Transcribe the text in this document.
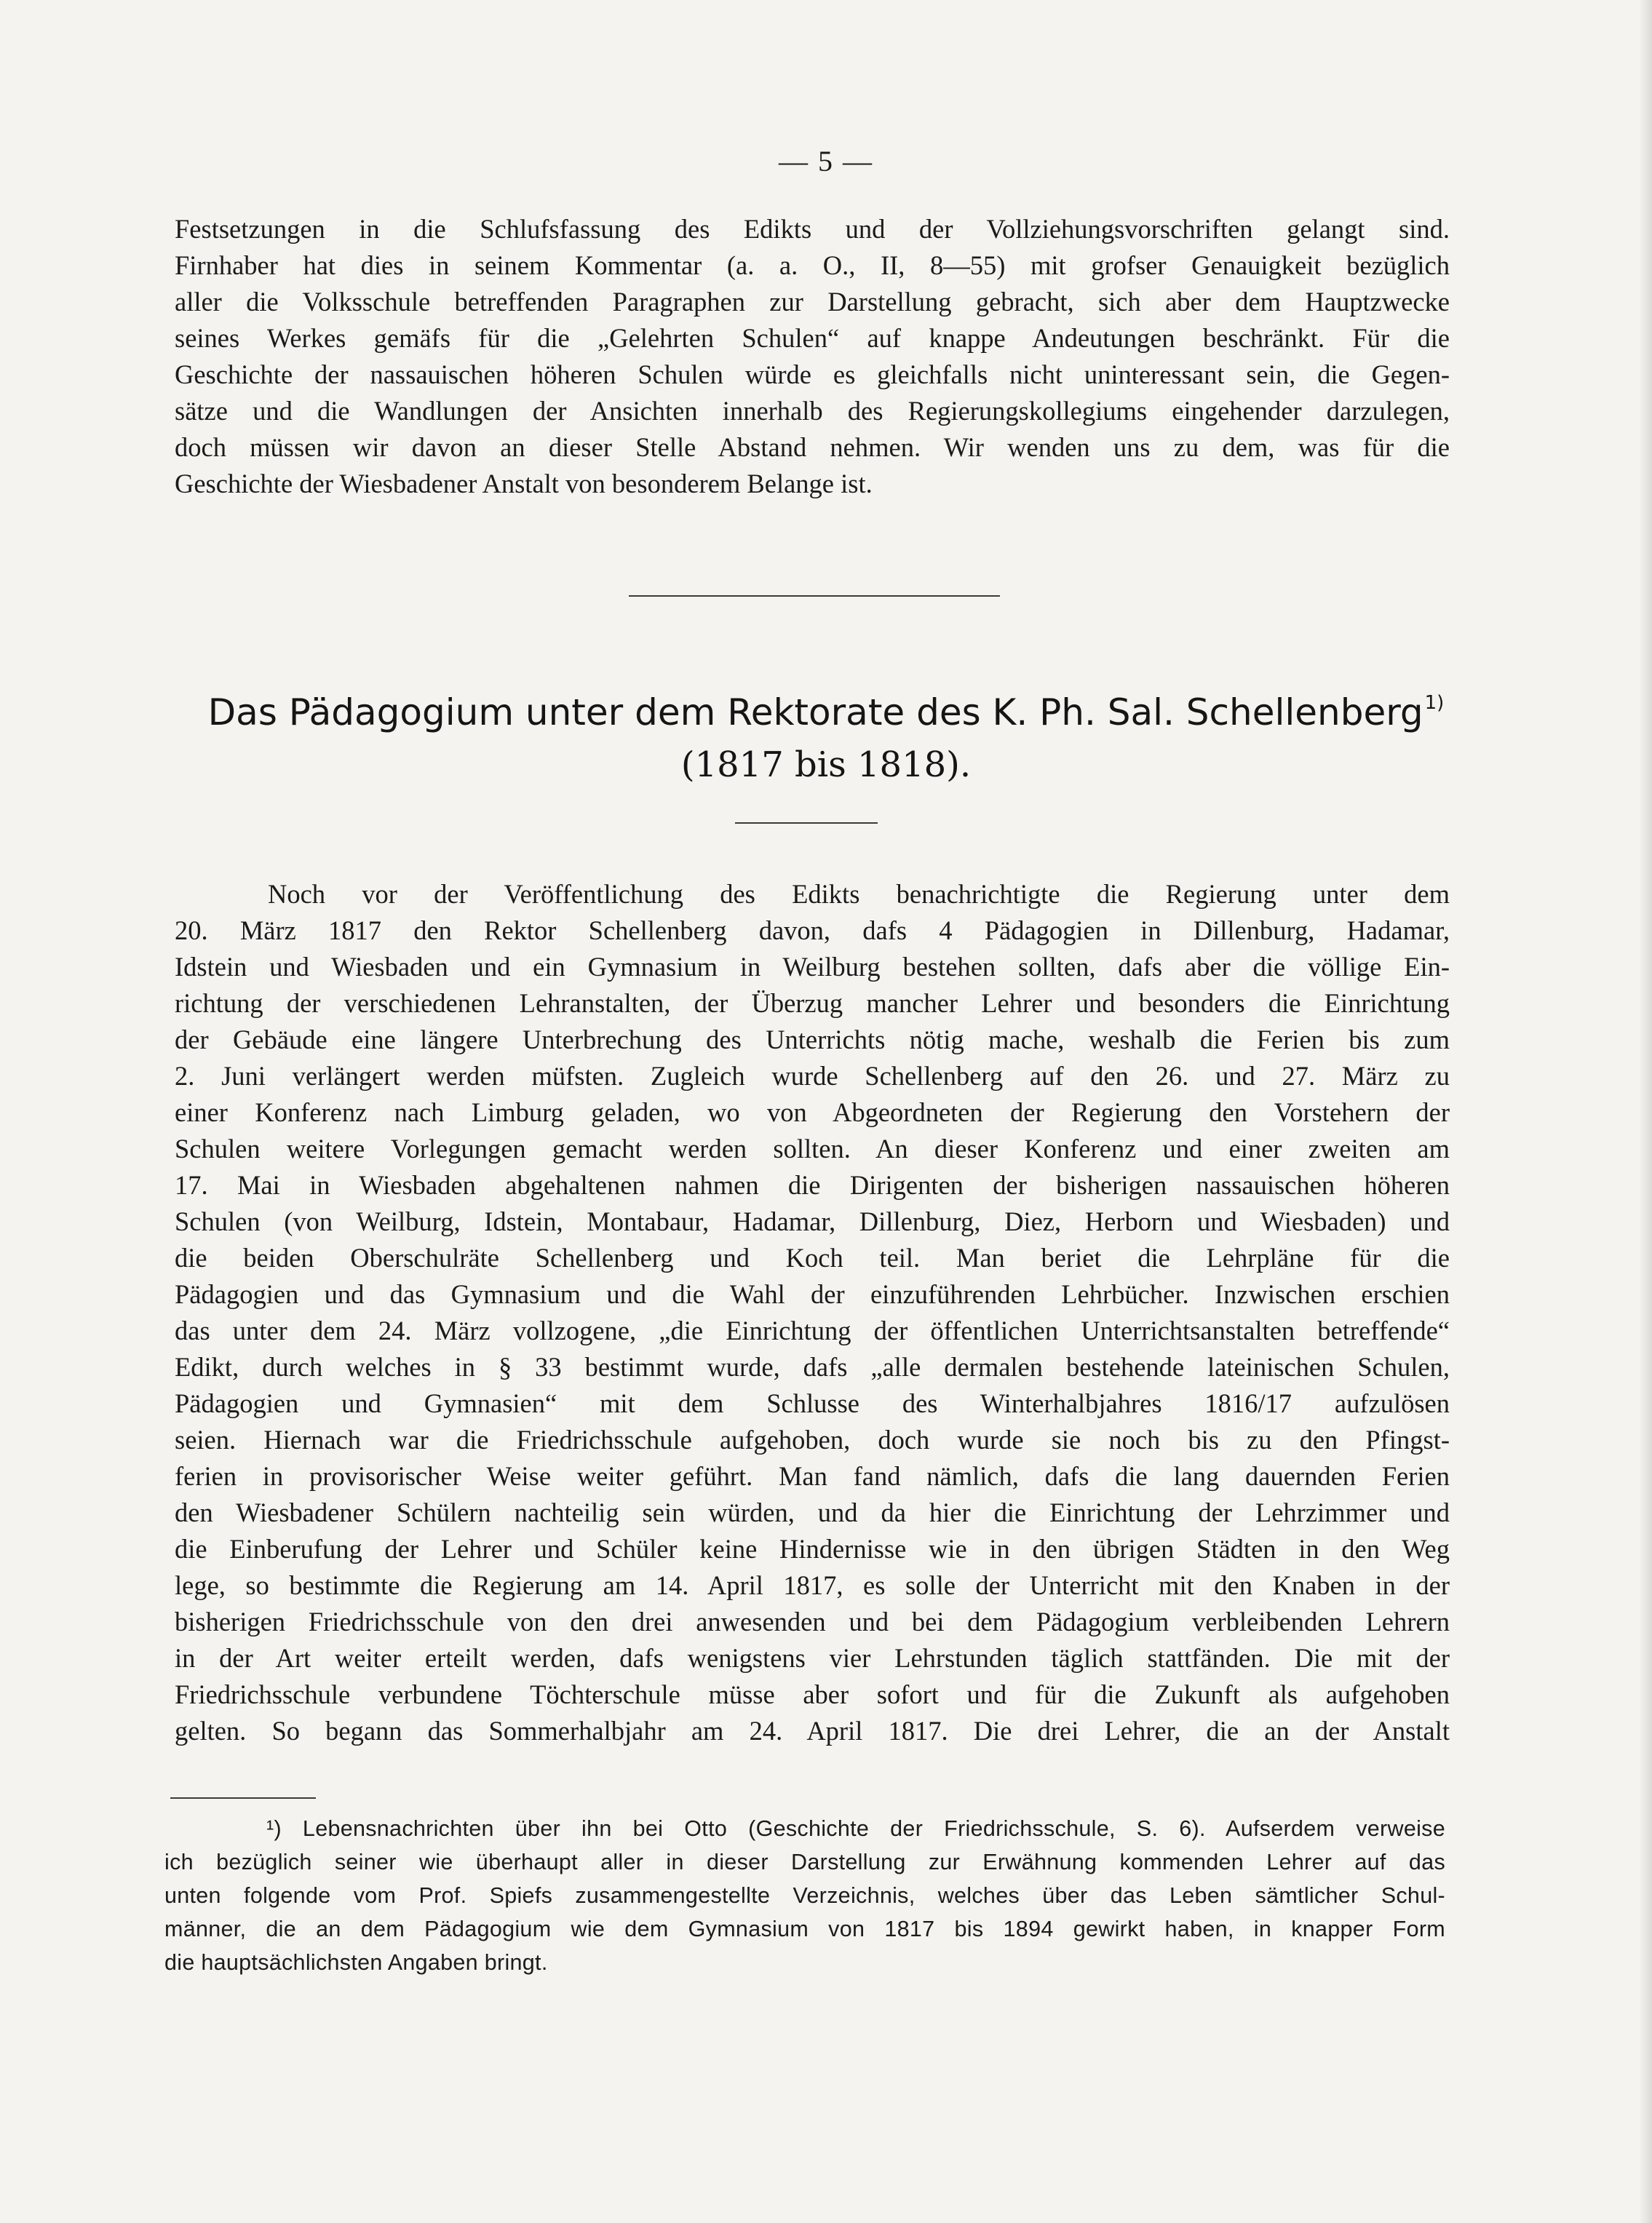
— 5 —
Festsetzungen in die Schlufsfassung des Edikts und der Vollziehungsvorschriften gelangt sind.
Firnhaber hat dies in seinem Kommentar (a. a. O., II, 8—55) mit grofser Genauigkeit bezüglich
aller die Volksschule betreffenden Paragraphen zur Darstellung gebracht, sich aber dem Hauptzwecke
seines Werkes gemäfs für die „Gelehrten Schulen“ auf knappe Andeutungen beschränkt. Für die
Geschichte der nassauischen höheren Schulen würde es gleichfalls nicht uninteressant sein, die Gegen-
sätze und die Wandlungen der Ansichten innerhalb des Regierungskollegiums eingehender darzulegen,
doch müssen wir davon an dieser Stelle Abstand nehmen. Wir wenden uns zu dem, was für die
Geschichte der Wiesbadener Anstalt von besonderem Belange ist.
Das Pädagogium unter dem Rektorate des K. Ph. Sal. Schellenberg$^{1)}$
(1817 bis 1818).
Noch vor der Veröffentlichung des Edikts benachrichtigte die Regierung unter dem
20. März 1817 den Rektor Schellenberg davon, dafs 4 Pädagogien in Dillenburg, Hadamar,
Idstein und Wiesbaden und ein Gymnasium in Weilburg bestehen sollten, dafs aber die völlige Ein-
richtung der verschiedenen Lehranstalten, der Überzug mancher Lehrer und besonders die Einrichtung
der Gebäude eine längere Unterbrechung des Unterrichts nötig mache, weshalb die Ferien bis zum
2. Juni verlängert werden müfsten. Zugleich wurde Schellenberg auf den 26. und 27. März zu
einer Konferenz nach Limburg geladen, wo von Abgeordneten der Regierung den Vorstehern der
Schulen weitere Vorlegungen gemacht werden sollten. An dieser Konferenz und einer zweiten am
17. Mai in Wiesbaden abgehaltenen nahmen die Dirigenten der bisherigen nassauischen höheren
Schulen (von Weilburg, Idstein, Montabaur, Hadamar, Dillenburg, Diez, Herborn und Wiesbaden) und
die beiden Oberschulräte Schellenberg und Koch teil. Man beriet die Lehrpläne für die
Pädagogien und das Gymnasium und die Wahl der einzuführenden Lehrbücher. Inzwischen erschien
das unter dem 24. März vollzogene, „die Einrichtung der öffentlichen Unterrichtsanstalten betreffende“
Edikt, durch welches in § 33 bestimmt wurde, dafs „alle dermalen bestehende lateinischen Schulen,
Pädagogien und Gymnasien“ mit dem Schlusse des Winterhalbjahres 1816/17 aufzulösen
seien. Hiernach war die Friedrichsschule aufgehoben, doch wurde sie noch bis zu den Pfingst-
ferien in provisorischer Weise weiter geführt. Man fand nämlich, dafs die lang dauernden Ferien
den Wiesbadener Schülern nachteilig sein würden, und da hier die Einrichtung der Lehrzimmer und
die Einberufung der Lehrer und Schüler keine Hindernisse wie in den übrigen Städten in den Weg
lege, so bestimmte die Regierung am 14. April 1817, es solle der Unterricht mit den Knaben in der
bisherigen Friedrichsschule von den drei anwesenden und bei dem Pädagogium verbleibenden Lehrern
in der Art weiter erteilt werden, dafs wenigstens vier Lehrstunden täglich stattfänden. Die mit der
Friedrichsschule verbundene Töchterschule müsse aber sofort und für die Zukunft als aufgehoben
gelten. So begann das Sommerhalbjahr am 24. April 1817. Die drei Lehrer, die an der Anstalt
¹) Lebensnachrichten über ihn bei Otto (Geschichte der Friedrichsschule, S. 6). Aufserdem verweise
ich bezüglich seiner wie überhaupt aller in dieser Darstellung zur Erwähnung kommenden Lehrer auf das
unten folgende vom Prof. Spiefs zusammengestellte Verzeichnis, welches über das Leben sämtlicher Schul-
männer, die an dem Pädagogium wie dem Gymnasium von 1817 bis 1894 gewirkt haben, in knapper Form
die hauptsächlichsten Angaben bringt.
